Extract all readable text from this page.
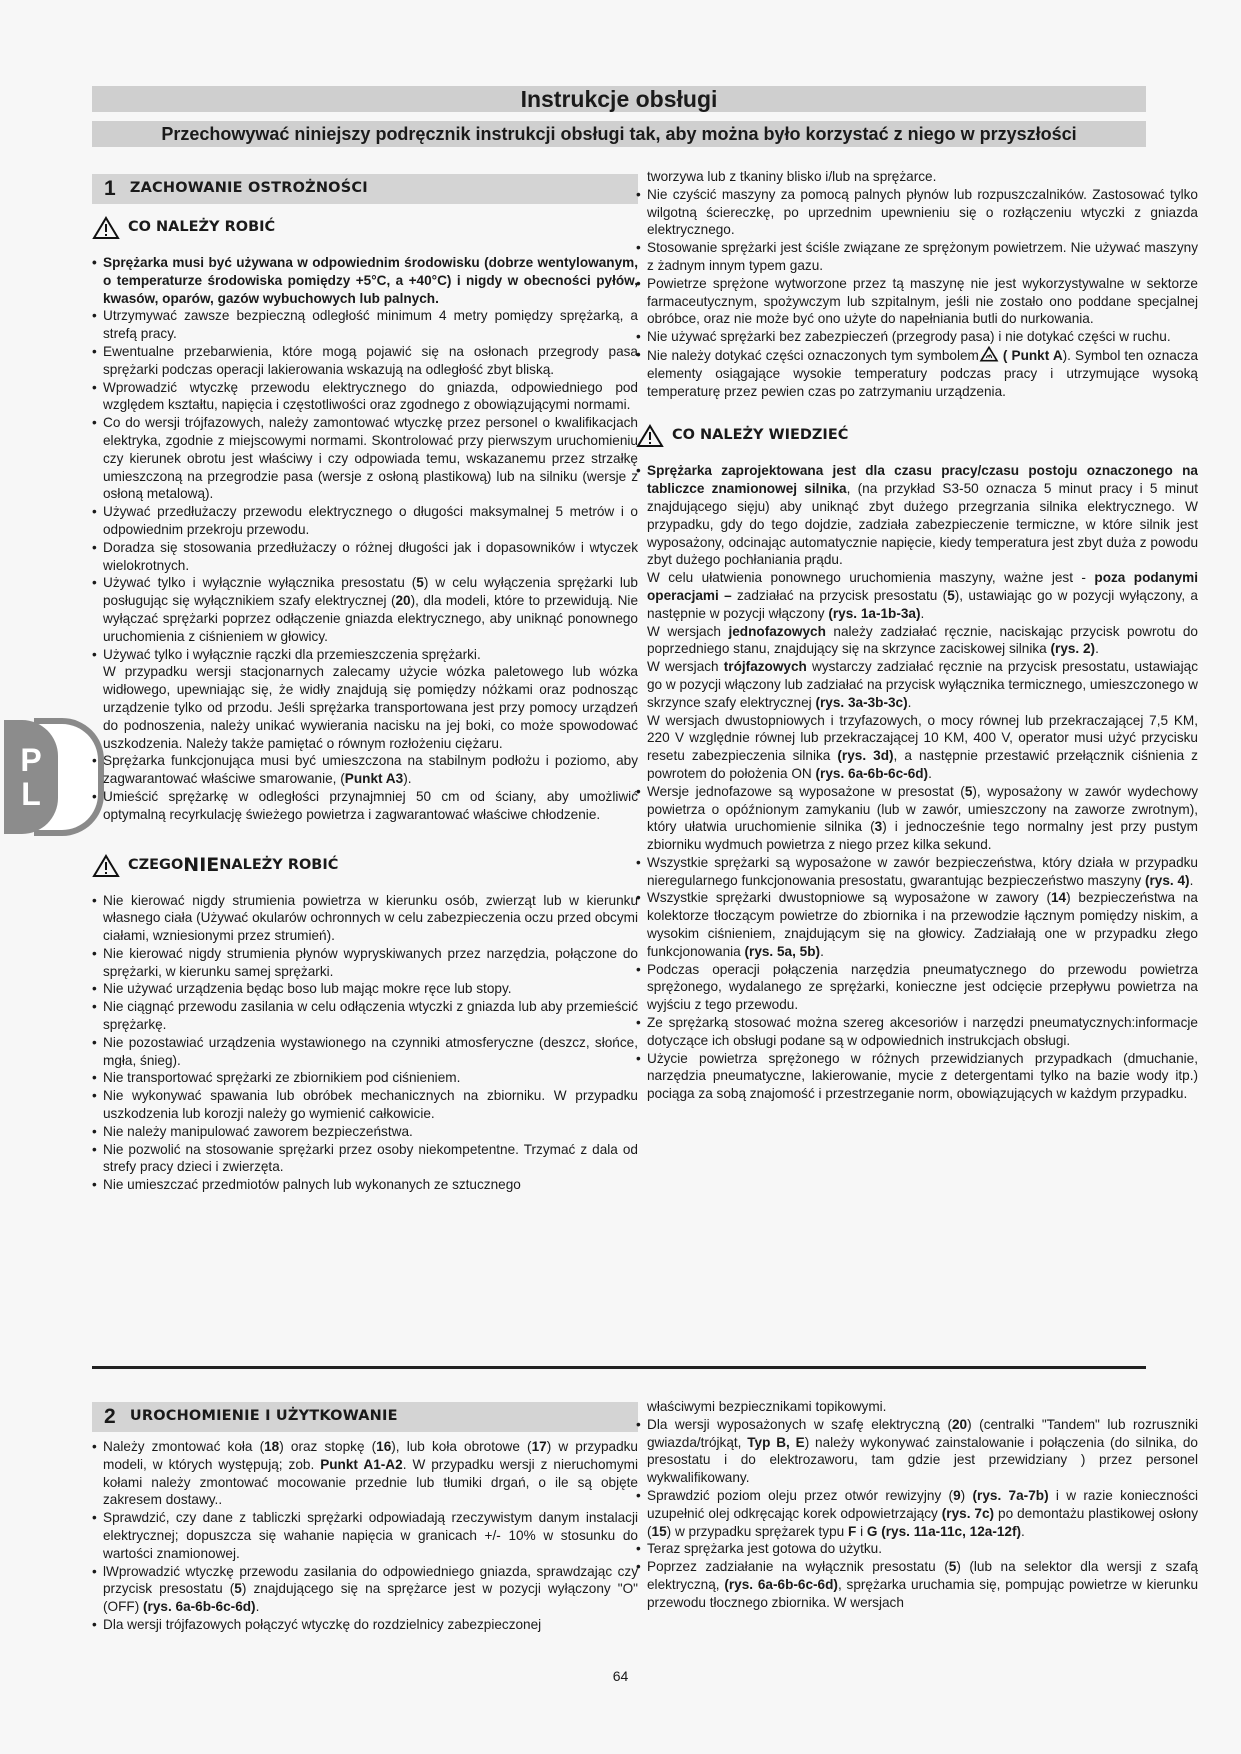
Instrukcje obsługi
Przechowywać niniejszy podręcznik instrukcji obsługi tak, aby można było korzystać z niego w przyszłości
P
L
1 ZACHOWANIE OSTROŻNOŚCI
CO NALEŻY ROBIĆ
• Sprężarka musi być używana w odpowiednim środowisku (dobrze wentylowanym, o temperaturze środowiska pomiędzy +5°C, a +40°C) i nigdy w obecności pyłów, kwasów, oparów, gazów wybuchowych lub palnych.
• Utrzymywać zawsze bezpieczną odległość minimum 4 metry pomiędzy sprężarką, a strefą pracy.
• Ewentualne przebarwienia, które mogą pojawić się na osłonach przegrody pasa sprężarki podczas operacji lakierowania wskazują na odległość zbyt bliską.
• Wprowadzić wtyczkę przewodu elektrycznego do gniazda, odpowiedniego pod względem kształtu, napięcia i częstotliwości oraz zgodnego z obowiązującymi normami.
• Co do wersji trójfazowych, należy zamontować wtyczkę przez personel o kwalifikacjach elektryka, zgodnie z miejscowymi normami. Skontrolować przy pierwszym uruchomieniu czy kierunek obrotu jest właściwy i czy odpowiada temu, wskazanemu przez strzałkę umieszczoną na przegrodzie pasa (wersje z osłoną plastikową) lub na silniku (wersje z osłoną metalową).
• Używać przedłużaczy przewodu elektrycznego o długości maksymalnej 5 metrów i o odpowiednim przekroju przewodu.
• Doradza się stosowania przedłużaczy o różnej długości jak i dopasowników i wtyczek wielokrotnych.
• Używać tylko i wyłącznie wyłącznika presostatu (5) w celu wyłączenia sprężarki lub posługując się wyłącznikiem szafy elektrycznej (20), dla modeli, które to przewidują. Nie wyłączać sprężarki poprzez odłączenie gniazda elektrycznego, aby uniknąć ponownego uruchomienia z ciśnieniem w głowicy.
• Używać tylko i wyłącznie rączki dla przemieszczenia sprężarki.
W przypadku wersji stacjonarnych zalecamy użycie wózka paletowego lub wózka widłowego, upewniając się, że widły znajdują się pomiędzy nóżkami oraz podnosząc urządzenie tylko od przodu. Jeśli sprężarka transportowana jest przy pomocy urządzeń do podnoszenia, należy unikać wywierania nacisku na jej boki, co może spowodować uszkodzenia. Należy także pamiętać o równym rozłożeniu ciężaru.
• Sprężarka funkcjonująca musi być umieszczona na stabilnym podłożu i poziomo, aby zagwarantować właściwe smarowanie, (Punkt A3).
• Umieścić sprężarkę w odległości przynajmniej 50 cm od ściany, aby umożliwić optymalną recyrkulację świeżego powietrza i zagwarantować właściwe chłodzenie.
CZEGO NIE NALEŻY ROBIĆ
• Nie kierować nigdy strumienia powietrza w kierunku osób, zwierząt lub w kierunku własnego ciała (Używać okularów ochronnych w celu zabezpieczenia oczu przed obcymi ciałami, wzniesionymi przez strumień).
• Nie kierować nigdy strumienia płynów wypryskiwanych przez narzędzia, połączone do sprężarki, w kierunku samej sprężarki.
• Nie używać urządzenia będąc boso lub mając mokre ręce lub stopy.
• Nie ciągnąć przewodu zasilania w celu odłączenia wtyczki z gniazda lub aby przemieścić sprężarkę.
• Nie pozostawiać urządzenia wystawionego na czynniki atmosferyczne (deszcz, słońce, mgła, śnieg).
• Nie transportować sprężarki ze zbiornikiem pod ciśnieniem.
• Nie wykonywać spawania lub obróbek mechanicznych na zbiorniku. W przypadku uszkodzenia lub korozji należy go wymienić całkowicie.
• Nie należy manipulować zaworem bezpieczeństwa.
• Nie pozwolić na stosowanie sprężarki przez osoby niekompetentne. Trzymać z dala od strefy pracy dzieci i zwierzęta.
• Nie umieszczać przedmiotów palnych lub wykonanych ze sztucznego
tworzywa lub z tkaniny blisko i/lub na sprężarce.
• Nie czyścić maszyny za pomocą palnych płynów lub rozpuszczalników. Zastosować tylko wilgotną ściereczkę, po uprzednim upewnieniu się o rozłączeniu wtyczki z gniazda elektrycznego.
• Stosowanie sprężarki jest ściśle związane ze sprężonym powietrzem. Nie używać maszyny z żadnym innym typem gazu.
• Powietrze sprężone wytworzone przez tą maszynę nie jest wykorzystywalne w sektorze farmaceutycznym, spożywczym lub szpitalnym, jeśli nie zostało ono poddane specjalnej obróbce, oraz nie może być ono użyte do napełniania butli do nurkowania.
• Nie używać sprężarki bez zabezpieczeń (przegrody pasa) i nie dotykać części w ruchu.
• Nie należy dotykać części oznaczonych tym symbolem ( Punkt A). Symbol ten oznacza elementy osiągające wysokie temperatury podczas pracy i utrzymujące wysoką temperaturę przez pewien czas po zatrzymaniu urządzenia.
CO NALEŻY WIEDZIEĆ
• Sprężarka zaprojektowana jest dla czasu pracy/czasu postoju oznaczonego na tabliczce znamionowej silnika, (na przykład S3-50 oznacza 5 minut pracy i 5 minut znajdującego sięju) aby uniknąć zbyt dużego przegrzania silnika elektrycznego. W przypadku, gdy do tego dojdzie, zadziała zabezpieczenie termiczne, w które silnik jest wyposażony, odcinając automatycznie napięcie, kiedy temperatura jest zbyt duża z powodu zbyt dużego pochłaniania prądu.
W celu ułatwienia ponownego uruchomienia maszyny, ważne jest - poza podanymi operacjami – zadziałać na przycisk presostatu (5), ustawiając go w pozycji wyłączony, a następnie w pozycji włączony (rys. 1a-1b-3a).
W wersjach jednofazowych należy zadziałać ręcznie, naciskając przycisk powrotu do poprzedniego stanu, znajdujący się na skrzynce zaciskowej silnika (rys. 2).
W wersjach trójfazowych wystarczy zadziałać ręcznie na przycisk presostatu, ustawiając go w pozycji włączony lub zadziałać na przycisk wyłącznika termicznego, umieszczonego w skrzynce szafy elektrycznej (rys. 3a-3b-3c).
W wersjach dwustopniowych i trzyfazowych, o mocy równej lub przekraczającej 7,5 KM, 220 V względnie równej lub przekraczającej 10 KM, 400 V, operator musi użyć przycisku resetu zabezpieczenia silnika (rys. 3d), a następnie przestawić przełącznik ciśnienia z powrotem do położenia ON (rys. 6a-6b-6c-6d).
• Wersje jednofazowe są wyposażone w presostat (5), wyposażony w zawór wydechowy powietrza o opóźnionym zamykaniu (lub w zawór, umieszczony na zaworze zwrotnym), który ułatwia uruchomienie silnika (3) i jednocześnie tego normalny jest przy pustym zbiorniku wydmuch powietrza z niego przez kilka sekund.
• Wszystkie sprężarki są wyposażone w zawór bezpieczeństwa, który działa w przypadku nieregularnego funkcjonowania presostatu, gwarantując bezpieczeństwo maszyny (rys. 4).
• Wszystkie sprężarki dwustopniowe są wyposażone w zawory (14) bezpieczeństwa na kolektorze tłoczącym powietrze do zbiornika i na przewodzie łącznym pomiędzy niskim, a wysokim ciśnieniem, znajdującym się na głowicy. Zadziałają one w przypadku złego funkcjonowania (rys. 5a, 5b).
• Podczas operacji połączenia narzędzia pneumatycznego do przewodu powietrza sprężonego, wydalanego ze sprężarki, konieczne jest odcięcie przepływu powietrza na wyjściu z tego przewodu.
• Ze sprężarką stosować można szereg akcesoriów i narzędzi pneumatycznych:informacje dotyczące ich obsługi podane są w odpowiednich instrukcjach obsługi.
• Użycie powietrza sprężonego w różnych przewidzianych przypadkach (dmuchanie, narzędzia pneumatyczne, lakierowanie, mycie z detergentami tylko na bazie wody itp.) pociąga za sobą znajomość i przestrzeganie norm, obowiązujących w każdym przypadku.
2 UROCHOMIENIE I UŻYTKOWANIE
• Należy zmontować koła (18) oraz stopkę (16), lub koła obrotowe (17) w przypadku modeli, w których występują; zob. Punkt A1-A2. W przypadku wersji z nieruchomymi kołami należy zmontować mocowanie przednie lub tłumiki drgań, o ile są objęte zakresem dostawy..
• Sprawdzić, czy dane z tabliczki sprężarki odpowiadają rzeczywistym danym instalacji elektrycznej; dopuszcza się wahanie napięcia w granicach +/- 10% w stosunku do wartości znamionowej.
• lWprowadzić wtyczkę przewodu zasilania do odpowiedniego gniazda, sprawdzając czy przycisk presostatu (5) znajdującego się na sprężarce jest w pozycji wyłączony "O" (OFF) (rys. 6a-6b-6c-6d).
• Dla wersji trójfazowych połączyć wtyczkę do rozdzielnicy zabezpieczonej
właściwymi bezpiecznikami topikowymi.
• Dla wersji wyposażonych w szafę elektryczną (20) (centralki "Tandem" lub rozruszniki gwiazda/trójkąt, Typ B, E) należy wykonywać zainstalowanie i połączenia (do silnika, do presostatu i do elektrozaworu, tam gdzie jest przewidziany ) przez personel wykwalifikowany.
• Sprawdzić poziom oleju przez otwór rewizyjny (9) (rys. 7a-7b) i w razie konieczności uzupełnić olej odkręcając korek odpowietrzający (rys. 7c) po demontażu plastikowej osłony (15) w przypadku sprężarek typu F i G (rys. 11a-11c, 12a-12f).
• Teraz sprężarka jest gotowa do użytku.
• Poprzez zadziałanie na wyłącznik presostatu (5) (lub na selektor dla wersji z szafą elektryczną, (rys. 6a-6b-6c-6d), sprężarka uruchamia się, pompując powietrze w kierunku przewodu tłocznego zbiornika. W wersjach
64
